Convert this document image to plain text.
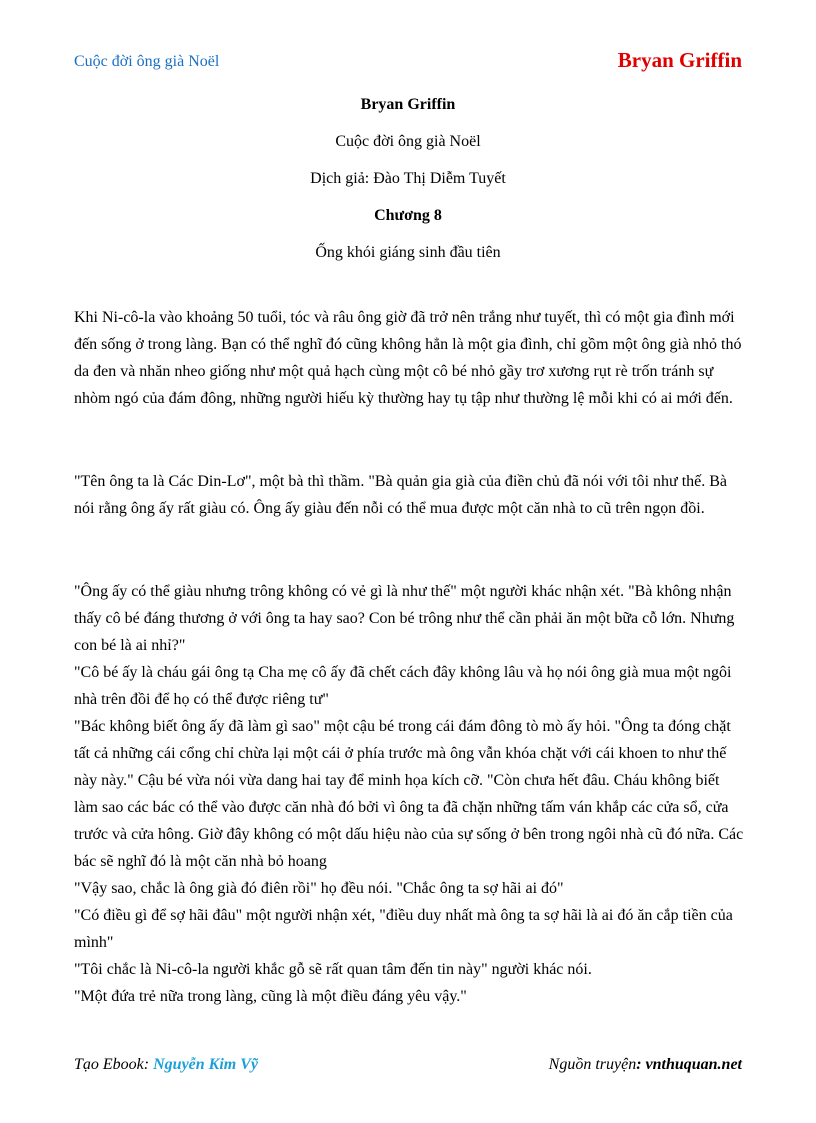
Cuộc đời ông già Noël	Bryan Griffin
Bryan Griffin
Cuộc đời ông già Noël
Dịch giả: Đào Thị Diễm Tuyết
Chương 8
Ống khói giáng sinh đầu tiên

Khi Ni-cô-la vào khoảng 50 tuổi, tóc và râu ông giờ đã trở nên trắng như tuyết, thì có một gia đình mới đến sống ở trong làng. Bạn có thể nghĩ đó cũng không hẳn là một gia đình, chỉ gồm một ông già nhỏ thó da đen và nhăn nheo giống như một quả hạch cùng một cô bé nhỏ gầy trơ xương rụt rè trốn tránh sự nhòm ngó của đám đông, những người hiếu kỳ thường hay tụ tập như thường lệ mỗi khi có ai mới đến.

"Tên ông ta là Các Din-Lơ", một bà thì thầm. "Bà quản gia già của điền chủ đã nói với tôi như thế. Bà nói rằng ông ấy rất giàu có. Ông ấy giàu đến nỗi có thể mua được một căn nhà to cũ trên ngọn đồi.

"Ông ấy có thể giàu nhưng trông không có vẻ gì là như thế" một người khác nhận xét. "Bà không nhận thấy cô bé đáng thương ở với ông ta hay sao? Con bé trông như thể cần phải ăn một bữa cỗ lớn. Nhưng con bé là ai nhỉ?"

"Cô bé ấy là cháu gái ông tạ Cha mẹ cô ấy đã chết cách đây không lâu và họ nói ông già mua một ngôi nhà trên đồi để họ có thể được riêng tư"

"Bác không biết ông ấy đã làm gì sao" một cậu bé trong cái đám đông tò mò ấy hỏi. "Ông ta đóng chặt tất cả những cái cổng chỉ chừa lại một cái ở phía trước mà ông vẫn khóa chặt với cái khoen to như thế này này." Cậu bé vừa nói vừa dang hai tay để minh họa kích cỡ. "Còn chưa hết đâu. Cháu không biết làm sao các bác có thể vào được căn nhà đó bởi vì ông ta đã chặn những tấm ván khắp các cửa sổ, cửa trước và cửa hông. Giờ đây không có một dấu hiệu nào của sự sống ở bên trong ngôi nhà cũ đó nữa. Các bác sẽ nghĩ đó là một căn nhà bỏ hoang

"Vậy sao, chắc là ông già đó điên rồi" họ đều nói. "Chắc ông ta sợ hãi ai đó"

"Có điều gì để sợ hãi đâu" một người nhận xét, "điều duy nhất mà ông ta sợ hãi là ai đó ăn cắp tiền của mình"

"Tôi chắc là Ni-cô-la người khắc gỗ sẽ rất quan tâm đến tin này" người khác nói.

"Một đứa trẻ nữa trong làng, cũng là một điều đáng yêu vậy."

Tạo Ebook: Nguyễn Kim Vỹ	Nguồn truyện: vnthuquan.net
